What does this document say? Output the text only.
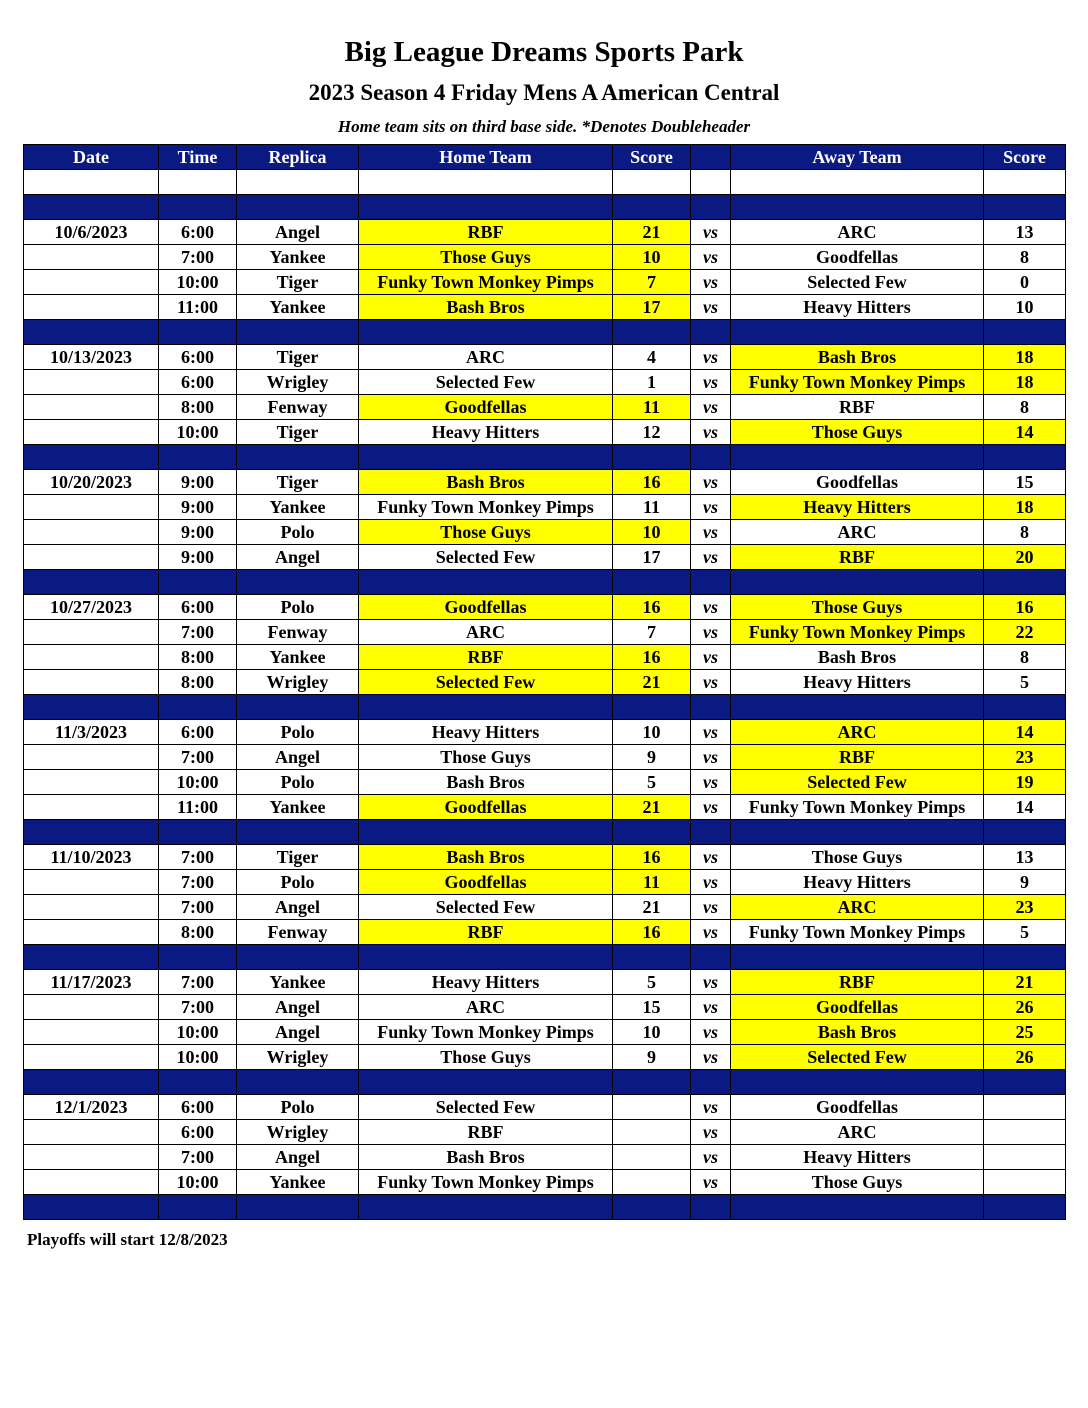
Big League Dreams Sports Park
2023 Season 4 Friday Mens A American Central
Home team sits on third base side. *Denotes Doubleheader
Date	Time	Replica	Home Team	Score		Away Team	Score

10/6/2023	6:00	Angel	RBF	21	vs	ARC	13
	7:00	Yankee	Those Guys	10	vs	Goodfellas	8
	10:00	Tiger	Funky Town Monkey Pimps	7	vs	Selected Few	0
	11:00	Yankee	Bash Bros	17	vs	Heavy Hitters	10

10/13/2023	6:00	Tiger	ARC	4	vs	Bash Bros	18
	6:00	Wrigley	Selected Few	1	vs	Funky Town Monkey Pimps	18
	8:00	Fenway	Goodfellas	11	vs	RBF	8
	10:00	Tiger	Heavy Hitters	12	vs	Those Guys	14

10/20/2023	9:00	Tiger	Bash Bros	16	vs	Goodfellas	15
	9:00	Yankee	Funky Town Monkey Pimps	11	vs	Heavy Hitters	18
	9:00	Polo	Those Guys	10	vs	ARC	8
	9:00	Angel	Selected Few	17	vs	RBF	20

10/27/2023	6:00	Polo	Goodfellas	16	vs	Those Guys	16
	7:00	Fenway	ARC	7	vs	Funky Town Monkey Pimps	22
	8:00	Yankee	RBF	16	vs	Bash Bros	8
	8:00	Wrigley	Selected Few	21	vs	Heavy Hitters	5

11/3/2023	6:00	Polo	Heavy Hitters	10	vs	ARC	14
	7:00	Angel	Those Guys	9	vs	RBF	23
	10:00	Polo	Bash Bros	5	vs	Selected Few	19
	11:00	Yankee	Goodfellas	21	vs	Funky Town Monkey Pimps	14

11/10/2023	7:00	Tiger	Bash Bros	16	vs	Those Guys	13
	7:00	Polo	Goodfellas	11	vs	Heavy Hitters	9
	7:00	Angel	Selected Few	21	vs	ARC	23
	8:00	Fenway	RBF	16	vs	Funky Town Monkey Pimps	5

11/17/2023	7:00	Yankee	Heavy Hitters	5	vs	RBF	21
	7:00	Angel	ARC	15	vs	Goodfellas	26
	10:00	Angel	Funky Town Monkey Pimps	10	vs	Bash Bros	25
	10:00	Wrigley	Those Guys	9	vs	Selected Few	26

12/1/2023	6:00	Polo	Selected Few		vs	Goodfellas	
	6:00	Wrigley	RBF		vs	ARC	
	7:00	Angel	Bash Bros		vs	Heavy Hitters	
	10:00	Yankee	Funky Town Monkey Pimps		vs	Those Guys	

Playoffs will start 12/8/2023
